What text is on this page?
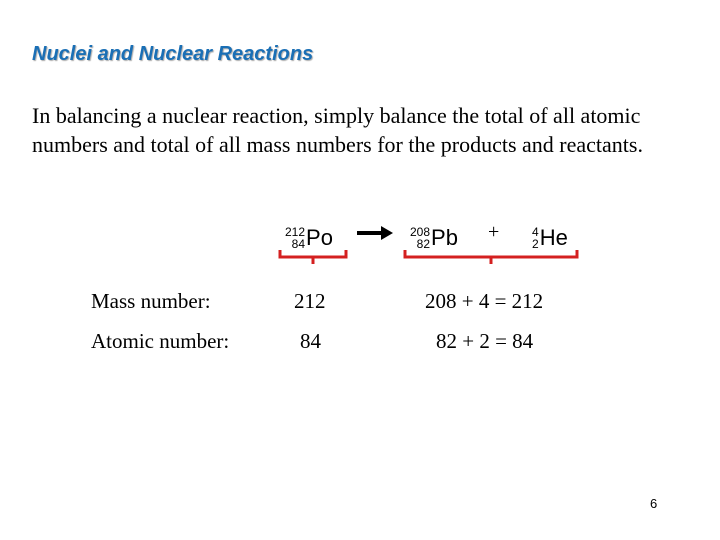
Nuclei and Nuclear Reactions
In balancing a nuclear reaction, simply balance the total of all atomic numbers and total of all mass numbers for the products and reactants.
212
84 Po → 208
82 Pb +	4
2 He
Mass number:	212	208 + 4 = 212
Atomic number:	84	82 + 2 = 84
6
